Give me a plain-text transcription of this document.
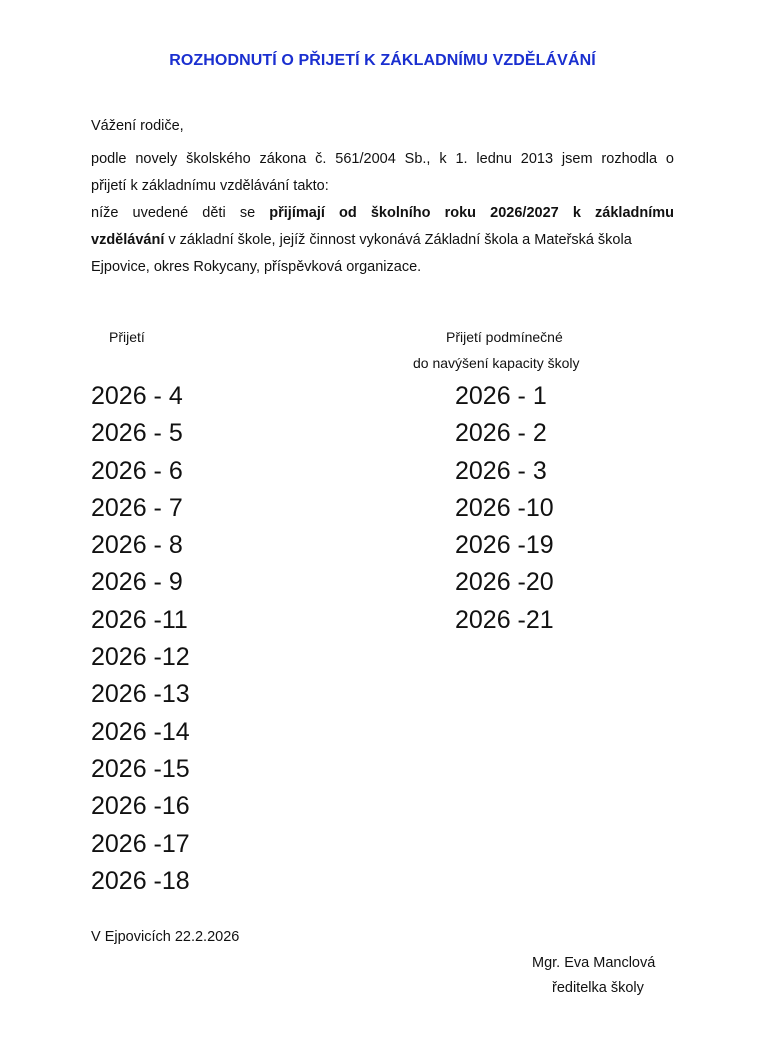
ROZHODNUTÍ O PŘIJETÍ K ZÁKLADNÍMU VZDĚLÁVÁNÍ
Vážení rodiče,
podle novely školského zákona č. 561/2004 Sb., k 1. lednu 2013 jsem rozhodla o
přijetí k základnímu vzdělávání takto:
níže uvedené děti se přijímají od školního roku 2026/2027 k základnímu
vzdělávání v základní škole, jejíž činnost vykonává Základní škola a Mateřská škola
Ejpovice, okres Rokycany, příspěvková organizace.
Přijetí	Přijetí podmínečné
do navýšení kapacity školy
2026 - 4
2026 - 5
2026 - 6
2026 - 7
2026 - 8
2026 - 9
2026 -11
2026 -12
2026 -13
2026 -14
2026 -15
2026 -16
2026 -17
2026 -18
2026 - 1
2026 - 2
2026 - 3
2026 -10
2026 -19
2026 -20
2026 -21
V Ejpovicích 22.2.2026
Mgr. Eva Manclová
ředitelka školy
